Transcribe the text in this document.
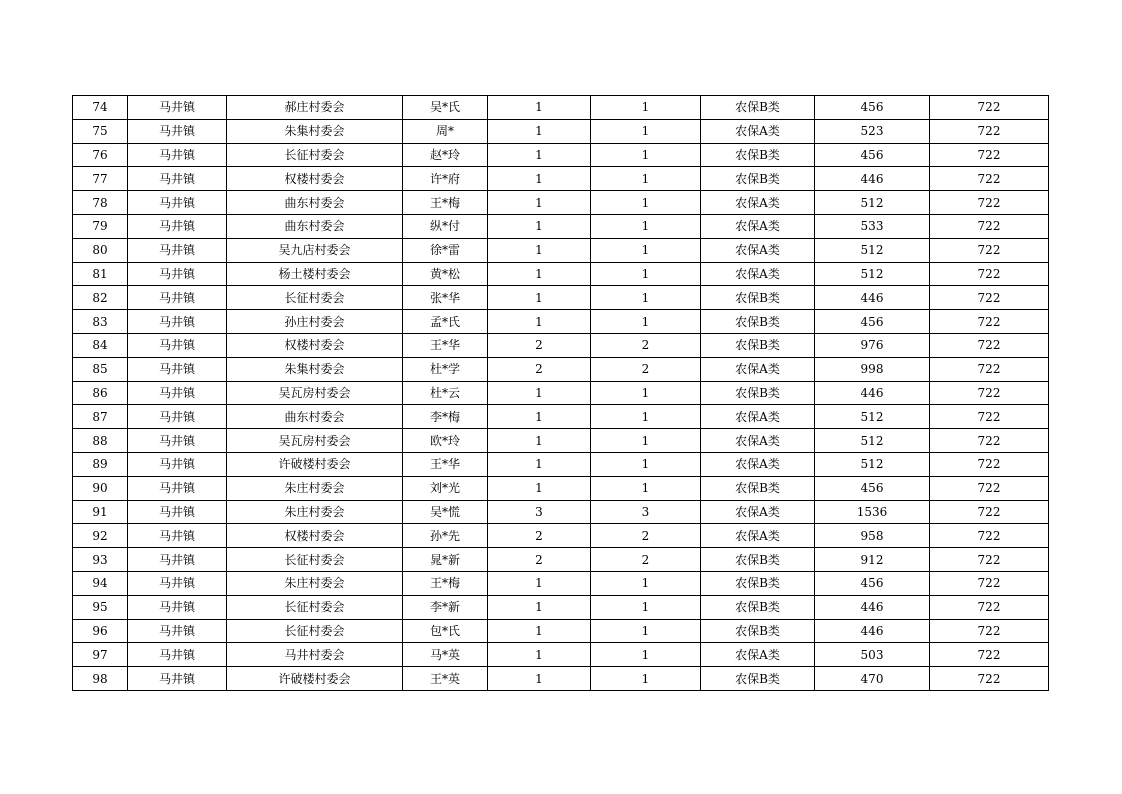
74	马井镇	郝庄村委会	吴*氏	1	1	农保B类	456	722
75	马井镇	朱集村委会	周*	1	1	农保A类	523	722
76	马井镇	长征村委会	赵*玲	1	1	农保B类	456	722
77	马井镇	权楼村委会	许*府	1	1	农保B类	446	722
78	马井镇	曲东村委会	王*梅	1	1	农保A类	512	722
79	马井镇	曲东村委会	纵*付	1	1	农保A类	533	722
80	马井镇	吴九店村委会	徐*雷	1	1	农保A类	512	722
81	马井镇	杨土楼村委会	黄*松	1	1	农保A类	512	722
82	马井镇	长征村委会	张*华	1	1	农保B类	446	722
83	马井镇	孙庄村委会	孟*氏	1	1	农保B类	456	722
84	马井镇	权楼村委会	王*华	2	2	农保B类	976	722
85	马井镇	朱集村委会	杜*学	2	2	农保A类	998	722
86	马井镇	吴瓦房村委会	杜*云	1	1	农保B类	446	722
87	马井镇	曲东村委会	李*梅	1	1	农保A类	512	722
88	马井镇	吴瓦房村委会	欧*玲	1	1	农保A类	512	722
89	马井镇	许破楼村委会	王*华	1	1	农保A类	512	722
90	马井镇	朱庄村委会	刘*光	1	1	农保B类	456	722
91	马井镇	朱庄村委会	吴*慌	3	3	农保A类	1536	722
92	马井镇	权楼村委会	孙*先	2	2	农保A类	958	722
93	马井镇	长征村委会	晁*新	2	2	农保B类	912	722
94	马井镇	朱庄村委会	王*梅	1	1	农保B类	456	722
95	马井镇	长征村委会	李*新	1	1	农保B类	446	722
96	马井镇	长征村委会	包*氏	1	1	农保B类	446	722
97	马井镇	马井村委会	马*英	1	1	农保A类	503	722
98	马井镇	许破楼村委会	王*英	1	1	农保B类	470	722
